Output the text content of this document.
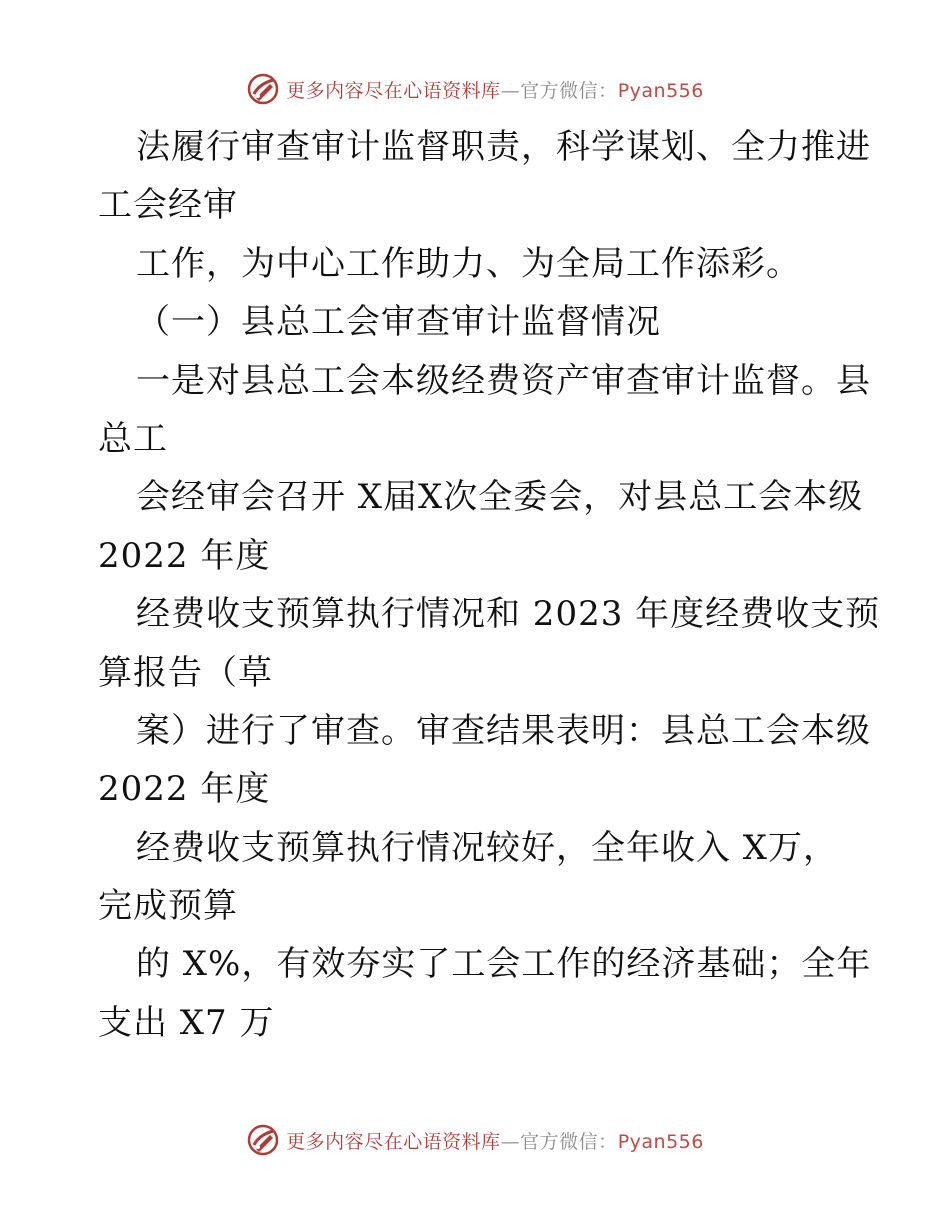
更多内容尽在心语资料库—官方微信：Pyan556
法履行审查审计监督职责，科学谋划、全力推进
工会经审
工作，为中心工作助力、为全局工作添彩。
（一）县总工会审查审计监督情况
一是对县总工会本级经费资产审查审计监督。县
总工
会经审会召开 X届X次全委会，对县总工会本级
2022 年度
经费收支预算执行情况和 2023 年度经费收支预
算报告（草
案）进行了审查。审查结果表明：县总工会本级
2022 年度
经费收支预算执行情况较好，全年收入 X万，
完成预算
的 X%，有效夯实了工会工作的经济基础；全年
支出 X7 万
更多内容尽在心语资料库—官方微信：Pyan556
